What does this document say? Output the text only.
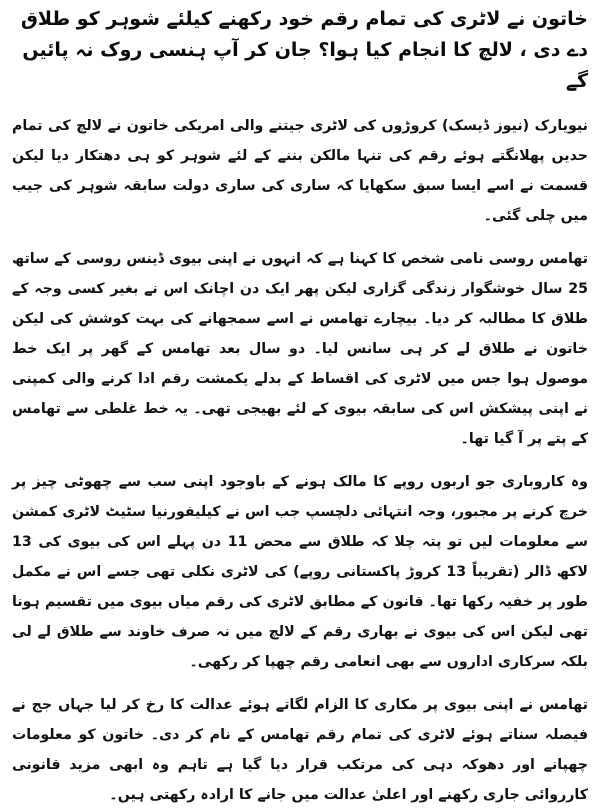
خاتون نے لاٹری کی تمام رقم خود رکھنے کیلئے شوہر کو طلاق دے دی ، لالچ کا انجام کیا ہوا؟ جان کر آپ ہنسی روک نہ پائیں گے

نیویارک (نیوز ڈیسک) کروڑوں کی لاٹری جیتنے والی امریکی خاتون نے لالچ کی تمام حدیں پھلانگتے ہوئے رقم کی تنہا مالکن بننے کے لئے شوہر کو ہی دھتکار دیا لیکن قسمت نے اسے ایسا سبق سکھایا کہ ساری کی ساری دولت سابقہ شوہر کی جیب میں چلی گئی۔

تھامس روسی نامی شخص کا کہنا ہے کہ انہوں نے اپنی بیوی ڈینس روسی کے ساتھ 25 سال خوشگوار زندگی گزاری لیکن پھر ایک دن اچانک اس نے بغیر کسی وجہ کے طلاق کا مطالبہ کر دیا۔ بیچارے تھامس نے اسے سمجھانے کی بہت کوشش کی لیکن خاتون نے طلاق لے کر ہی سانس لیا۔ دو سال بعد تھامس کے گھر پر ایک خط موصول ہوا جس میں لاٹری کی اقساط کے بدلے یکمشت رقم ادا کرنے والی کمپنی نے اپنی پیشکش اس کی سابقہ بیوی کے لئے بھیجی تھی۔ یہ خط غلطی سے تھامس کے پتے پر آ گیا تھا۔

وہ کاروباری جو اربوں روپے کا مالک ہونے کے باوجود اپنی سب سے چھوٹی چیز پر خرچ کرنے پر مجبور، وجہ انتہائی دلچسپ جب اس نے کیلیفورنیا سٹیٹ لاٹری کمشن سے معلومات لیں تو پتہ چلا کہ طلاق سے محض 11 دن پہلے اس کی بیوی کی 13 لاکھ ڈالر (تقریباً 13 کروڑ پاکستانی روپے) کی لاٹری نکلی تھی جسے اس نے مکمل طور پر خفیہ رکھا تھا۔ قانون کے مطابق لاٹری کی رقم میاں بیوی میں تقسیم ہونا تھی لیکن اس کی بیوی نے بھاری رقم کے لالچ میں نہ صرف خاوند سے طلاق لے لی بلکہ سرکاری اداروں سے بھی انعامی رقم چھپا کر رکھی۔

تھامس نے اپنی بیوی پر مکاری کا الزام لگاتے ہوئے عدالت کا رخ کر لیا جہاں جج نے فیصلہ سناتے ہوئے لاٹری کی تمام رقم تھامس کے نام کر دی۔ خاتون کو معلومات چھپانے اور دھوکہ دہی کی مرتکب قرار دیا گیا ہے تاہم وہ ابھی مزید قانونی کارروائی جاری رکھنے اور اعلیٰ عدالت میں جانے کا ارادہ رکھتی ہیں۔
